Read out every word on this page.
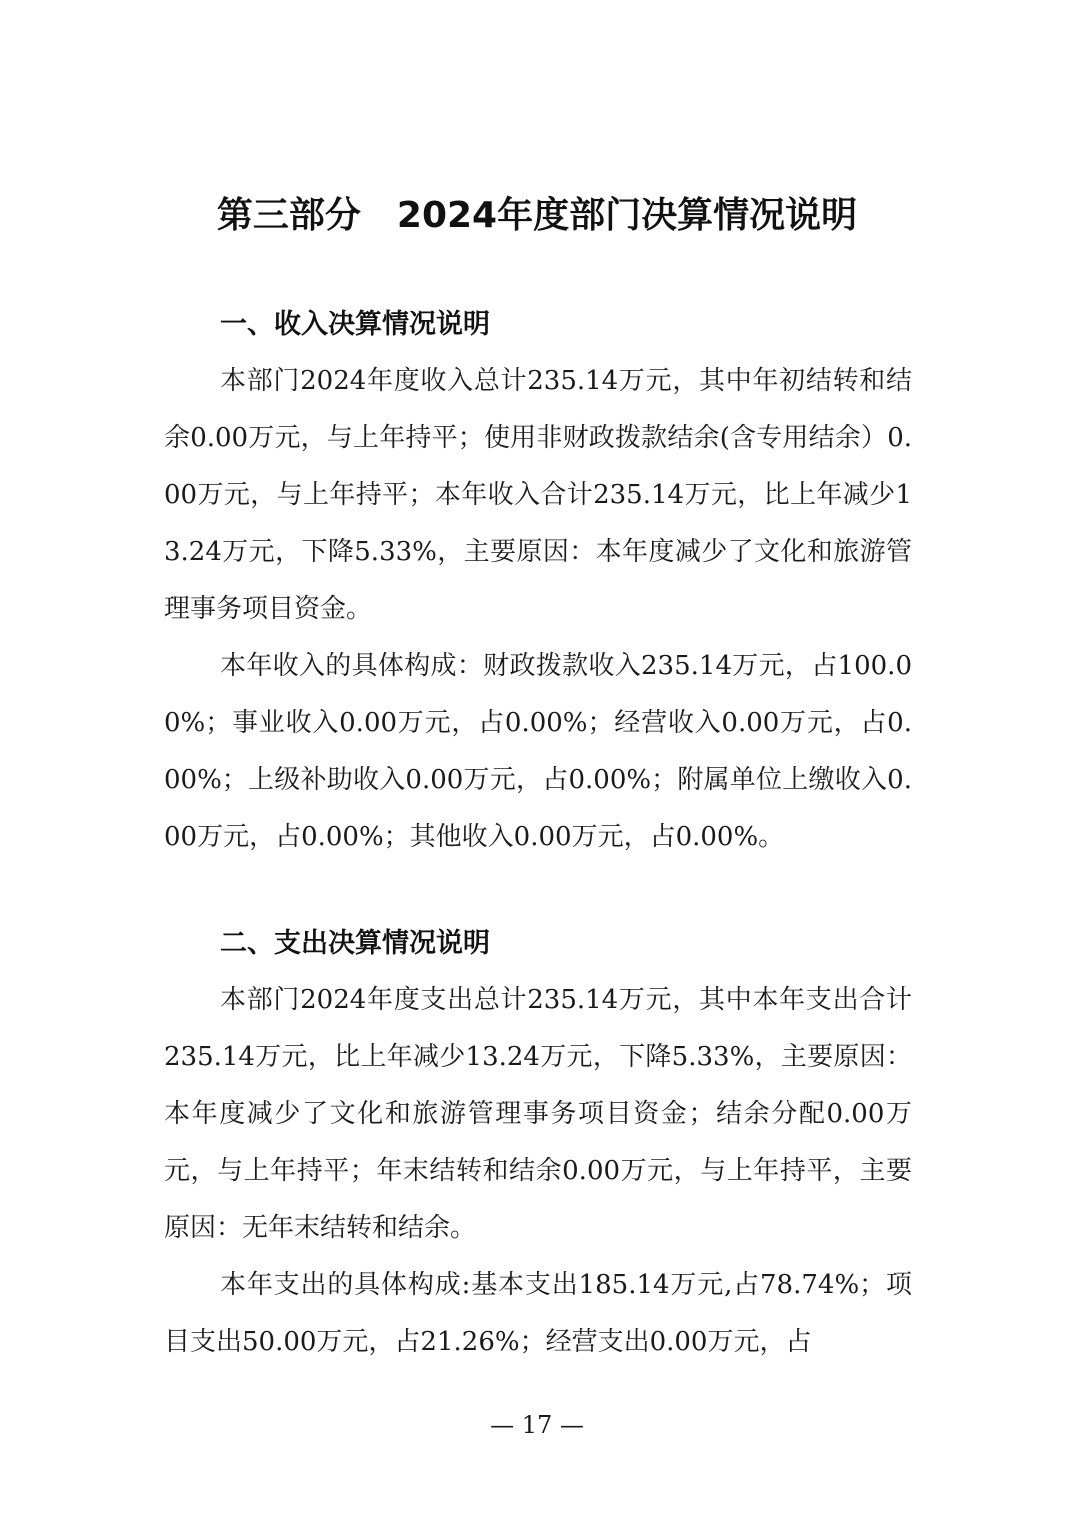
第三部分 2024年度部门决算情况说明
一、收入决算情况说明

本部门2024年度收入总计235.14万元，其中年初结转和结余0.00万元，与上年持平；使用非财政拨款结余(含专用结余）0.00万元，与上年持平；本年收入合计235.14万元，比上年减少13.24万元，下降5.33%，主要原因：本年度减少了文化和旅游管理事务项目资金。

本年收入的具体构成：财政拨款收入235.14万元，占100.00%；事业收入0.00万元，占0.00%；经营收入0.00万元，占0.00%；上级补助收入0.00万元，占0.00%；附属单位上缴收入0.00万元，占0.00%；其他收入0.00万元，占0.00%。

二、支出决算情况说明

本部门2024年度支出总计235.14万元，其中本年支出合计235.14万元，比上年减少13.24万元，下降5.33%，主要原因：本年度减少了文化和旅游管理事务项目资金；结余分配0.00万元，与上年持平；年末结转和结余0.00万元，与上年持平，主要原因：无年末结转和结余。

本年支出的具体构成:基本支出185.14万元,占78.74%；项目支出50.00万元，占21.26%；经营支出0.00万元，占

— 17 —
